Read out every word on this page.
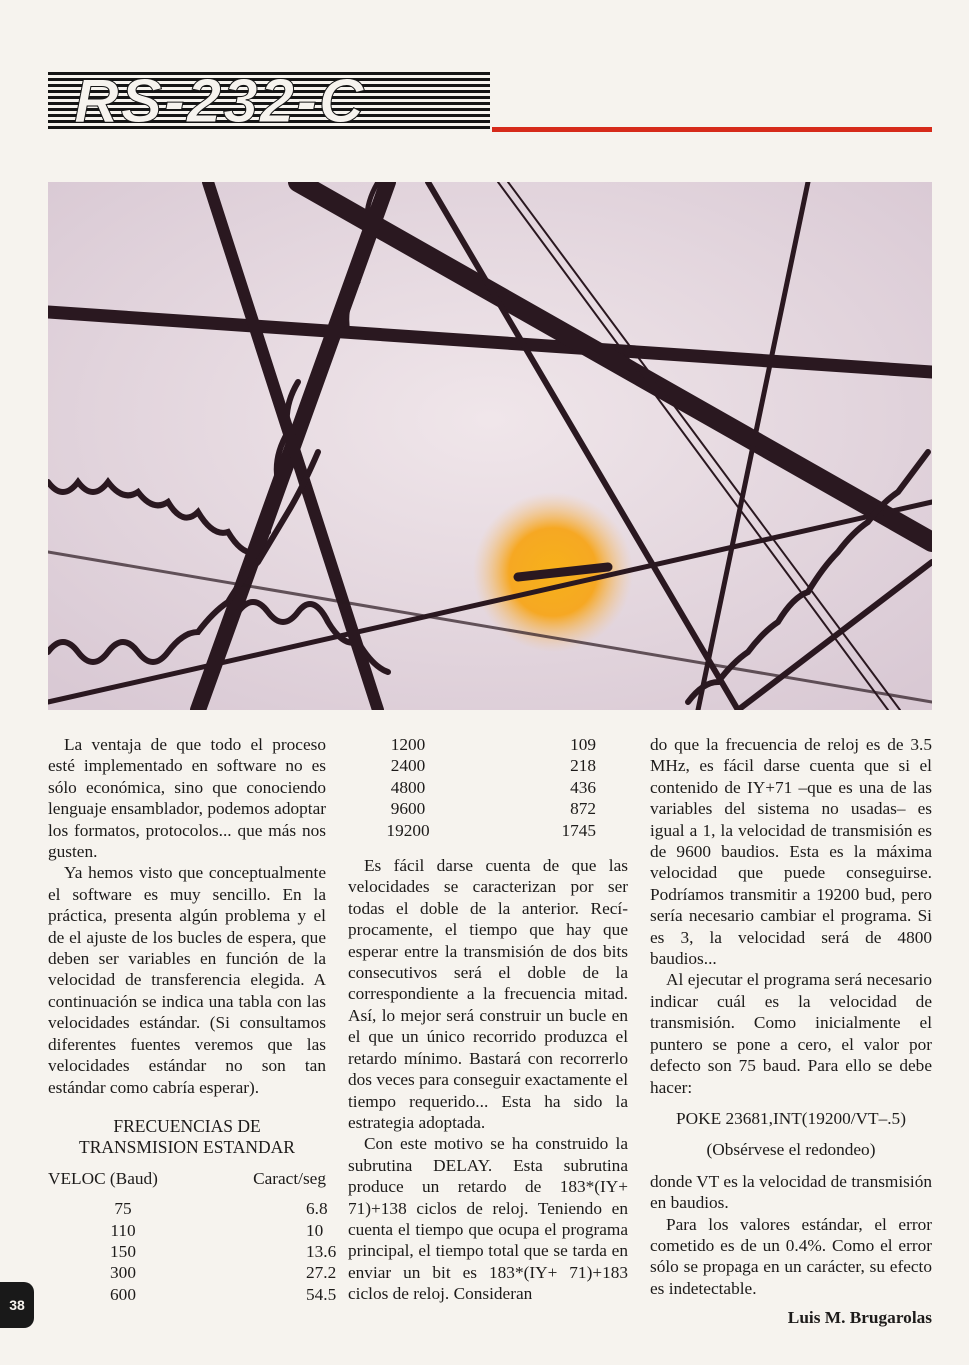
RS-232-C

La ventaja de que todo el proceso esté implementado en software no es sólo económica, sino que conociendo lenguaje ensamblador, podemos adoptar los formatos, protocolos... que más nos gusten.

Ya hemos visto que conceptualmente el software es muy sencillo. En la práctica, presenta algún problema y el de el ajuste de los bucles de espera, que deben ser variables en función de la velocidad de transferencia elegida. A continuación se indica una tabla con las velocidades estándar. (Si consultamos diferentes fuentes veremos que las velocidades estándar no son tan estándar como cabría esperar).

FRECUENCIAS DE
TRANSMISION ESTANDAR
VELOC (Baud)	Caract/seg
75	6.8
110	10
150	13.6
300	27.2
600	54.5
1200	109
2400	218
4800	436
9600	872
19200	1745

Es fácil darse cuenta de que las velocidades se caracterizan por ser todas el doble de la anterior. Recíprocamente, el tiempo que hay que esperar entre la transmisión de dos bits consecutivos será el doble de la correspondiente a la frecuencia mitad. Así, lo mejor será construir un bucle en el que un único recorrido produzca el retardo mínimo. Bastará con recorrerlo dos veces para conseguir exactamente el tiempo requerido... Esta ha sido la estrategia adoptada.

Con este motivo se ha construido la subrutina DELAY. Esta subrutina produce un retardo de 183*(IY+ 71)+138 ciclos de reloj. Teniendo en cuenta el tiempo que ocupa el programa principal, el tiempo total que se tarda en enviar un bit es 183*(IY+ 71)+183 ciclos de reloj. Consideran

do que la frecuencia de reloj es de 3.5 MHz, es fácil darse cuenta que si el contenido de IY+71 –que es una de las variables del sistema no usadas– es igual a 1, la velocidad de transmisión es de 9600 baudios. Esta es la máxima velocidad que puede conseguirse. Podríamos transmitir a 19200 bud, pero sería necesario cambiar el programa. Si es 3, la velocidad será de 4800 baudios...

Al ejecutar el programa será necesario indicar cuál es la velocidad de transmisión. Como inicialmente el puntero se pone a cero, el valor por defecto son 75 baud. Para ello se debe hacer:

POKE 23681,INT(19200/VT–.5)
(Obsérvese el redondeo)

donde VT es la velocidad de transmisión en baudios.

Para los valores estándar, el error cometido es de un 0.4%. Como el error sólo se propaga en un carácter, su efecto es indetectable.

Luis M. Brugarolas
38
